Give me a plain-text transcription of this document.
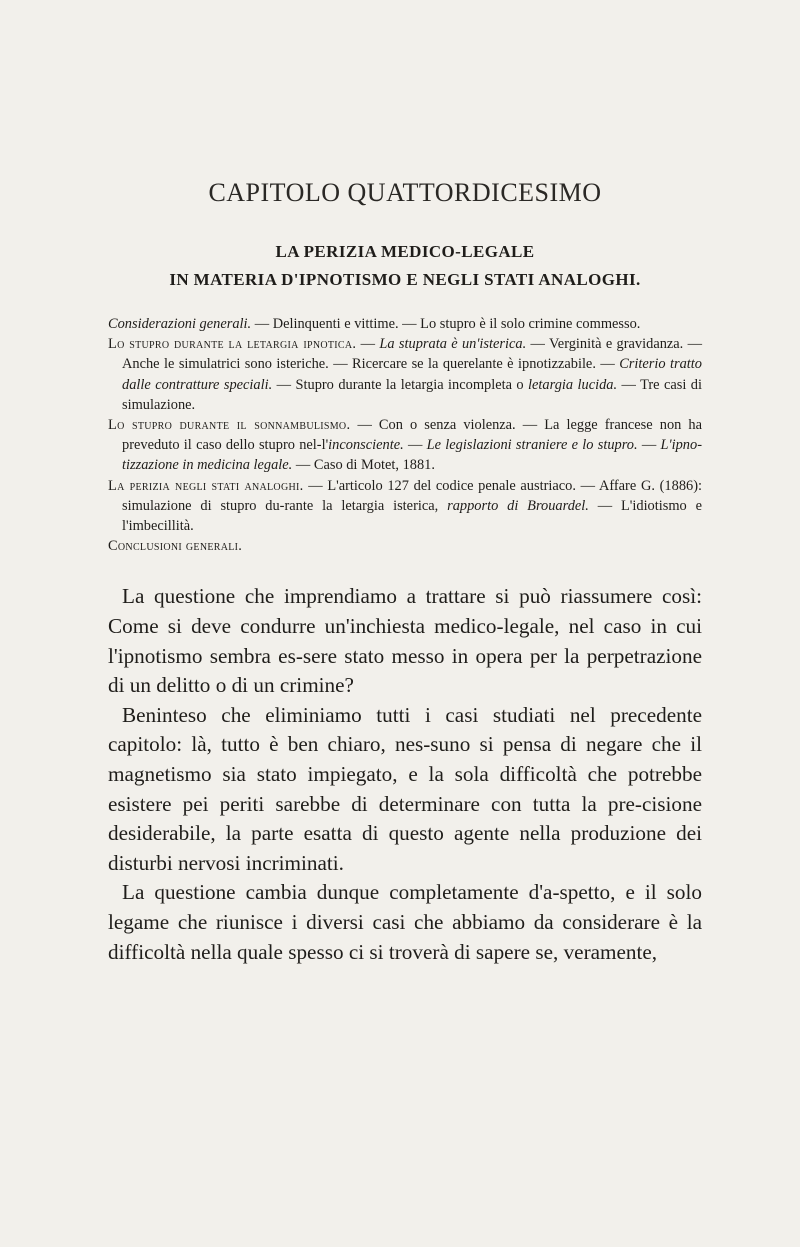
CAPITOLO QUATTORDICESIMO
LA PERIZIA MEDICO-LEGALE
IN MATERIA D'IPNOTISMO E NEGLI STATI ANALOGHI.

Considerazioni generali. — Delinquenti e vittime. — Lo stupro è il solo crimine commesso.

Lo stupro durante la letargia ipnotica. — La stuprata è un'isterica. — Verginità e gravidanza. — Anche le simulatrici sono isteriche. — Ricercare se la querelante è ipnotizzabile. — Criterio tratto dalle contratture speciali. — Stupro durante la letargia incompleta o letargia lucida. — Tre casi di simulazione.

Lo stupro durante il sonnambulismo. — Con o senza violenza. — La legge francese non ha preveduto il caso dello stupro nel-l'inconsciente. — Le legislazioni straniere e lo stupro. — L'ipno-tizzazione in medicina legale. — Caso di Motet, 1881.

La perizia negli stati analoghi. — L'articolo 127 del codice penale austriaco. — Affare G. (1886): simulazione di stupro du-rante la letargia isterica, rapporto di Brouardel. — L'idiotismo e l'imbecillità.

Conclusioni generali.

La questione che imprendiamo a trattare si può riassumere così: Come si deve condurre un'inchiesta medico-legale, nel caso in cui l'ipnotismo sembra es-sere stato messo in opera per la perpetrazione di un delitto o di un crimine?

Beninteso che eliminiamo tutti i casi studiati nel precedente capitolo: là, tutto è ben chiaro, nes-suno si pensa di negare che il magnetismo sia stato impiegato, e la sola difficoltà che potrebbe esistere pei periti sarebbe di determinare con tutta la pre-cisione desiderabile, la parte esatta di questo agente nella produzione dei disturbi nervosi incriminati.

La questione cambia dunque completamente d'a-spetto, e il solo legame che riunisce i diversi casi che abbiamo da considerare è la difficoltà nella quale spesso ci si troverà di sapere se, veramente,
